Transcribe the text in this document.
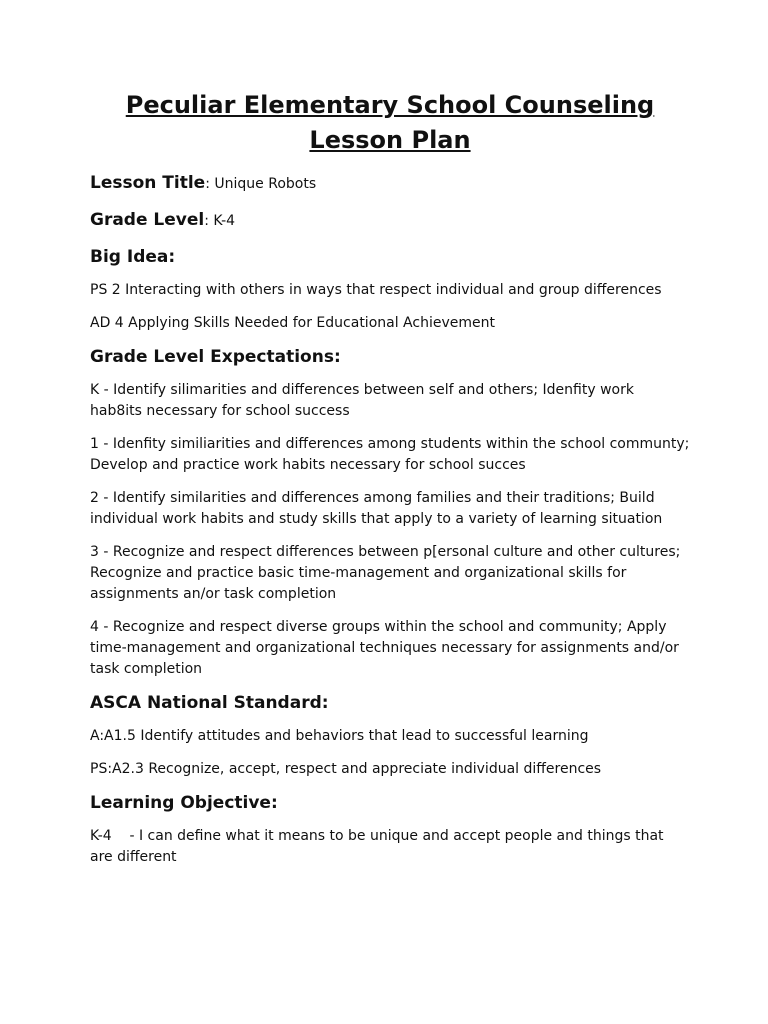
Peculiar Elementary School Counseling
Lesson Plan
Lesson Title: Unique Robots
Grade Level: K-4
Big Idea:

PS 2 Interacting with others in ways that respect individual and group differences

AD 4 Applying Skills Needed for Educational Achievement

Grade Level Expectations:

K - Identify silimarities and differences between self and others; Idenfity work hab8its necessary for school success

1 - Idenfity similiarities and differences among students within the school communty; Develop and practice work habits necessary for school succes

2 - Identify similarities and differences among families and their traditions; Build individual work habits and study skills that apply to a variety of learning situation

3 - Recognize and respect differences between p[ersonal culture and other cultures; Recognize and practice basic time-management and organizational skills for assignments an/or task completion

4 - Recognize and respect diverse groups within the school and community; Apply time-management and organizational techniques necessary for assignments and/or task completion

ASCA National Standard:

A:A1.5 Identify attitudes and behaviors that lead to successful learning

PS:A2.3 Recognize, accept, respect and appreciate individual differences

Learning Objective:

K-4    - I can define what it means to be unique and accept people and things that are different
